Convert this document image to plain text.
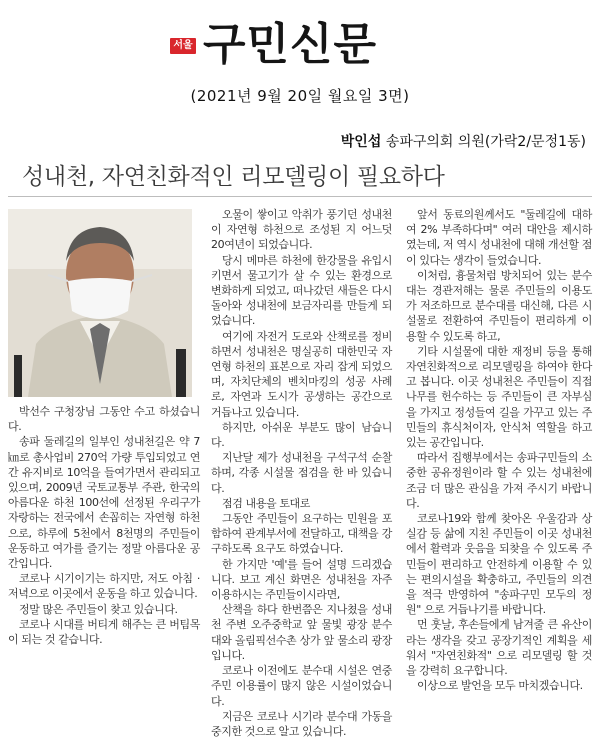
서울 구민신문
(2021년 9월 20일 월요일 3면)
박인섭 송파구의회 의원(가락2/문정1동)
성내천, 자연친화적인 리모델링이 필요하다

박선수 구청장님 그동안 수고 하셨습니다.

송파 둘레길의 일부인 성내천길은 약 7㎞로 총사업비 270억 가량 투입되었고 연간 유지비로 10억을 들여가면서 관리되고 있으며, 2009년 국토교통부 주관, 한국의 아름다운 하천 100선에 선정된 우리구가 자랑하는 전국에서 손꼽히는 자연형 하천으로, 하루에 5천에서 8천명의 주민들이 운동하고 여가를 즐기는 정말 아름다운 공간입니다.

코로나 시기이기는 하지만, 저도 아침 · 저녁으로 이곳에서 운동을 하고 있습니다.

정말 많은 주민들이 찾고 있습니다.

코로나 시대를 버티게 해주는 큰 버팀목이 되는 것 같습니다.

오물이 쌓이고 악취가 풍기던 성내천이 자연형 하천으로 조성된 지 어느덧 20여년이 되었습니다.

당시 메마른 하천에 한강물을 유입시키면서 물고기가 살 수 있는 환경으로 변화하게 되었고, 떠나갔던 새들은 다시 돌아와 성내천에 보금자리를 만들게 되었습니다.

여기에 자전거 도로와 산책로를 정비하면서 성내천은 명실공히 대한민국 자연형 하천의 표본으로 자리 잡게 되었으며, 자치단체의 벤치마킹의 성공 사례로, 자연과 도시가 공생하는 공간으로 거듭나고 있습니다.

하지만, 아쉬운 부분도 많이 남습니다.

지난달 제가 성내천을 구석구석 순찰하며, 각종 시설물 점검을 한 바 있습니다.

점검 내용을 토대로

그동안 주민들이 요구하는 민원을 포함하여 관계부서에 전달하고, 대책을 강구하도록 요구도 하였습니다.

한 가지만 '예'를 들어 설명 드리겠습니다. 보고 계신 화면은 성내천을 자주 이용하시는 주민들이시라면,

산책을 하다 한번쯤은 지나쳤을 성내천 주변 오주중학교 앞 물빛 광장 분수대와 올림픽선수촌 상가 앞 물소리 광장 입니다.

코로나 이전에도 분수대 시설은 연중 주민 이용률이 많지 않은 시설이었습니다.

지금은 코로나 시기라 분수대 가동을 중지한 것으로 알고 있습니다.

앞서 동료의원께서도 "둘레길에 대하여 2% 부족하다며" 여러 대안을 제시하였는데, 저 역시 성내천에 대해 개선할 점이 있다는 생각이 들었습니다.

이처럼, 흉물처럼 방치되어 있는 분수대는 경관저해는 물론 주민들의 이용도가 저조하므로 분수대를 대신해, 다른 시설물로 전환하여 주민들이 편리하게 이용할 수 있도록 하고,

기타 시설물에 대한 재정비 등을 통해 자연친화적으로 리모델링을 하여야 한다고 봅니다. 이곳 성내천은 주민들이 직접 나무를 헌수하는 등 주민들이 큰 자부심을 가지고 정성들여 길을 가꾸고 있는 주민들의 휴식처이자, 안식처 역할을 하고 있는 공간입니다.

따라서 집행부에서는 송파구민들의 소중한 공유정원이라 할 수 있는 성내천에 조금 더 많은 관심을 가져 주시기 바랍니다.

코로나19와 함께 찾아온 우울감과 상실감 등 삶에 지친 주민들이 이곳 성내천에서 활력과 웃음을 되찾을 수 있도록 주민들이 편리하고 안전하게 이용할 수 있는 편의시설을 확충하고, 주민들의 의견을 적극 반영하여 "송파구민 모두의 정원" 으로 거듭나기를 바랍니다.

먼 훗날, 후손들에게 남겨줄 큰 유산이라는 생각을 갖고 공장기적인 계획을 세워서 "자연친화적" 으로 리모델링 할 것을 강력히 요구합니다.

이상으로 발언을 모두 마치겠습니다.
